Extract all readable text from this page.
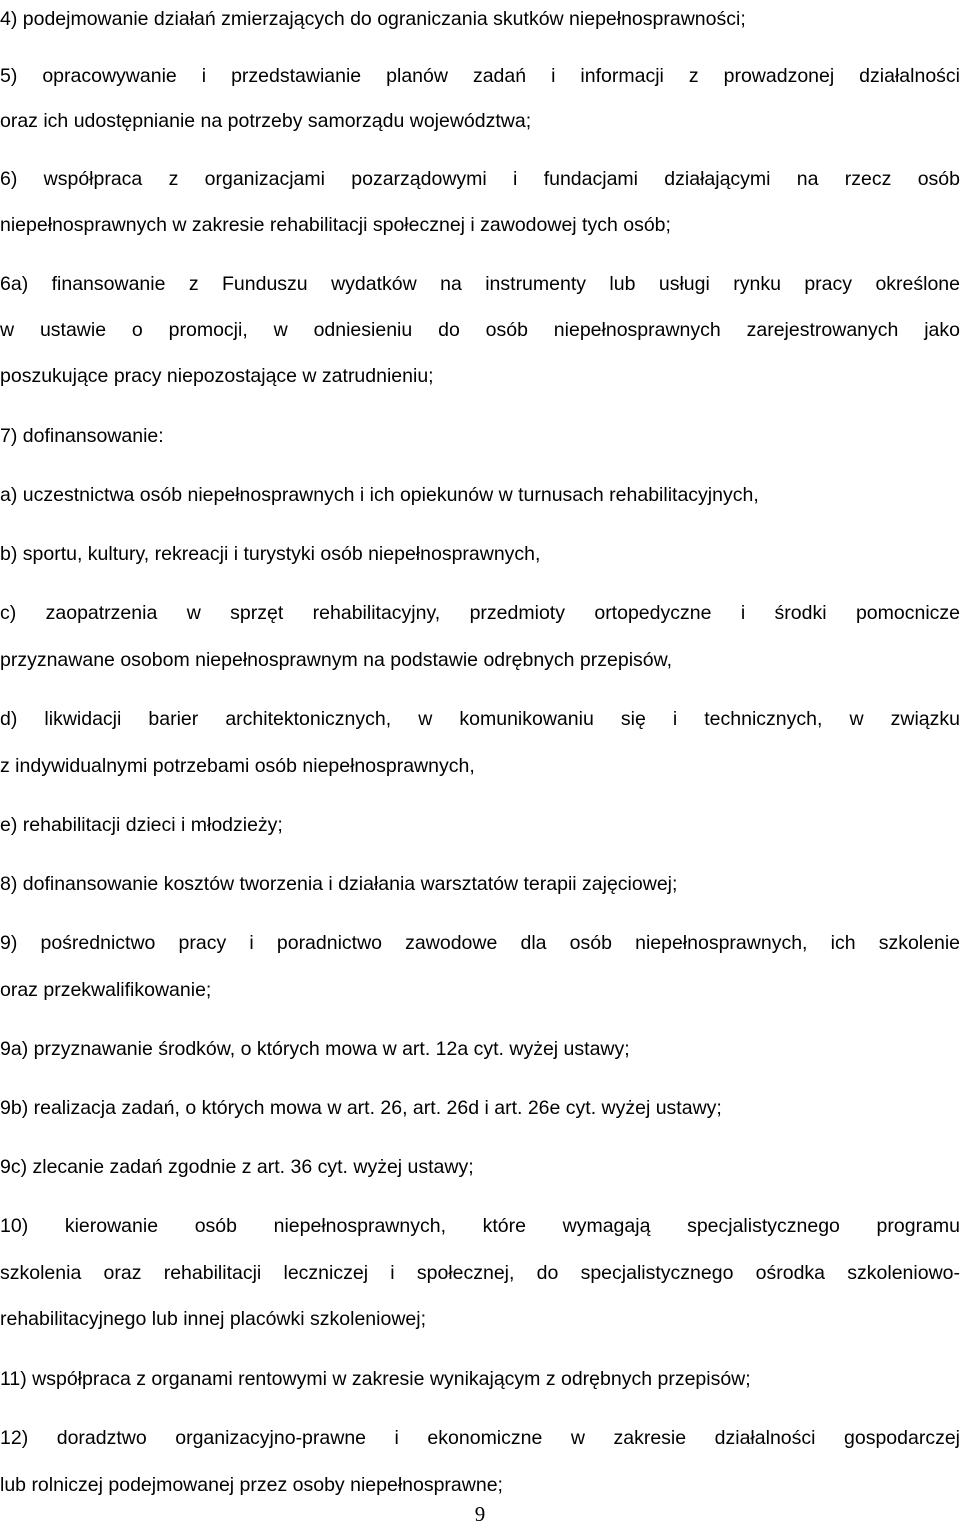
4) podejmowanie działań zmierzających do ograniczania skutków niepełnosprawności;
5) opracowywanie i przedstawianie planów zadań i informacji z prowadzonej działalności
oraz ich udostępnianie na potrzeby samorządu województwa;
6) współpraca z organizacjami pozarządowymi i fundacjami działającymi na rzecz osób
niepełnosprawnych w zakresie rehabilitacji społecznej i zawodowej tych osób;
6a) finansowanie z Funduszu wydatków na instrumenty lub usługi rynku pracy określone
w ustawie o promocji, w odniesieniu do osób niepełnosprawnych zarejestrowanych jako
poszukujące pracy niepozostające w zatrudnieniu;
7) dofinansowanie:
a) uczestnictwa osób niepełnosprawnych i ich opiekunów w turnusach rehabilitacyjnych,
b) sportu, kultury, rekreacji i turystyki osób niepełnosprawnych,
c) zaopatrzenia w sprzęt rehabilitacyjny, przedmioty ortopedyczne i środki pomocnicze
przyznawane osobom niepełnosprawnym na podstawie odrębnych przepisów,
d) likwidacji barier architektonicznych, w komunikowaniu się i technicznych, w związku
z indywidualnymi potrzebami osób niepełnosprawnych,
e) rehabilitacji dzieci i młodzieży;
8) dofinansowanie kosztów tworzenia i działania warsztatów terapii zajęciowej;
9) pośrednictwo pracy i poradnictwo zawodowe dla osób niepełnosprawnych, ich szkolenie
oraz przekwalifikowanie;
9a) przyznawanie środków, o których mowa w art. 12a cyt. wyżej ustawy;
9b) realizacja zadań, o których mowa w art. 26, art. 26d i art. 26e cyt. wyżej ustawy;
9c) zlecanie zadań zgodnie z art. 36 cyt. wyżej ustawy;
10) kierowanie osób niepełnosprawnych, które wymagają specjalistycznego programu
szkolenia oraz rehabilitacji leczniczej i społecznej, do specjalistycznego ośrodka szkoleniowo-
rehabilitacyjnego lub innej placówki szkoleniowej;
11) współpraca z organami rentowymi w zakresie wynikającym z odrębnych przepisów;
12) doradztwo organizacyjno-prawne i ekonomiczne w zakresie działalności gospodarczej
lub rolniczej podejmowanej przez osoby niepełnosprawne;
9
